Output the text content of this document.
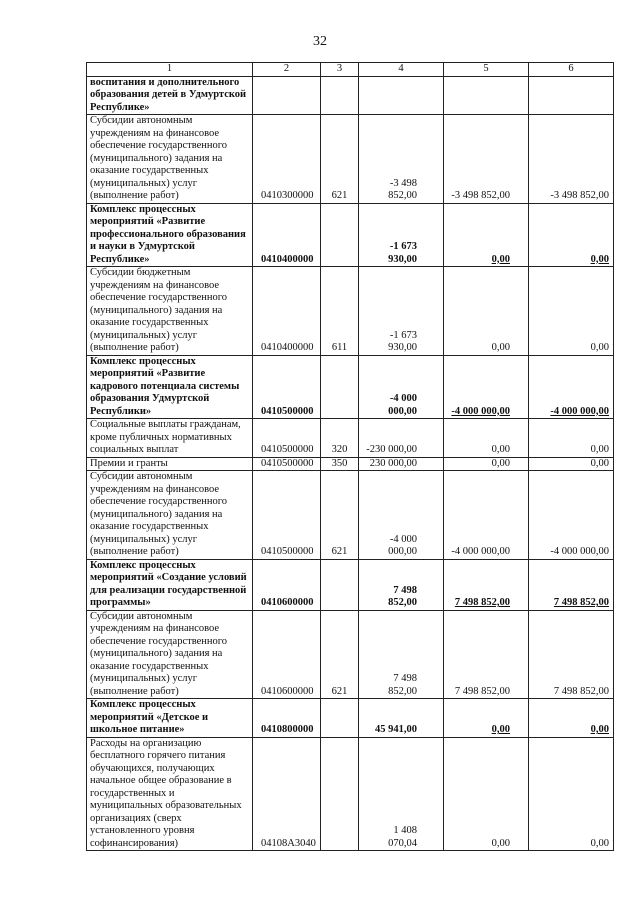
32
1	2	3	4	5	6
воспитания и дополнительного образования детей в Удмуртской Республике»					
Субсидии автономным учреждениям на финансовое обеспечение государственного (муниципального) задания на оказание государственных (муниципальных) услуг (выполнение работ)	0410300000	621	-3 498 852,00	-3 498 852,00	-3 498 852,00
Комплекс процессных мероприятий «Развитие профессионального образования и науки в Удмуртской Республике»	0410400000		-1 673 930,00	0,00	0,00
Субсидии бюджетным учреждениям на финансовое обеспечение государственного (муниципального) задания на оказание государственных (муниципальных) услуг (выполнение работ)	0410400000	611	-1 673 930,00	0,00	0,00
Комплекс процессных мероприятий «Развитие кадрового потенциала системы образования Удмуртской Республики»	0410500000		-4 000 000,00	-4 000 000,00	-4 000 000,00
Социальные выплаты гражданам, кроме публичных нормативных социальных выплат	0410500000	320	-230 000,00	0,00	0,00
Премии и гранты	0410500000	350	230 000,00	0,00	0,00
Субсидии автономным учреждениям на финансовое обеспечение государственного (муниципального) задания на оказание государственных (муниципальных) услуг (выполнение работ)	0410500000	621	-4 000 000,00	-4 000 000,00	-4 000 000,00
Комплекс процессных мероприятий «Создание условий для реализации государственной программы»	0410600000		7 498 852,00	7 498 852,00	7 498 852,00
Субсидии автономным учреждениям на финансовое обеспечение государственного (муниципального) задания на оказание государственных (муниципальных) услуг (выполнение работ)	0410600000	621	7 498 852,00	7 498 852,00	7 498 852,00
Комплекс процессных мероприятий «Детское и школьное питание»	0410800000		45 941,00	0,00	0,00
Расходы на организацию бесплатного горячего питания обучающихся, получающих начальное общее образование в государственных и муниципальных образовательных организациях (сверх установленного уровня софинансирования)	04108А3040		1 408 070,04	0,00	0,00
